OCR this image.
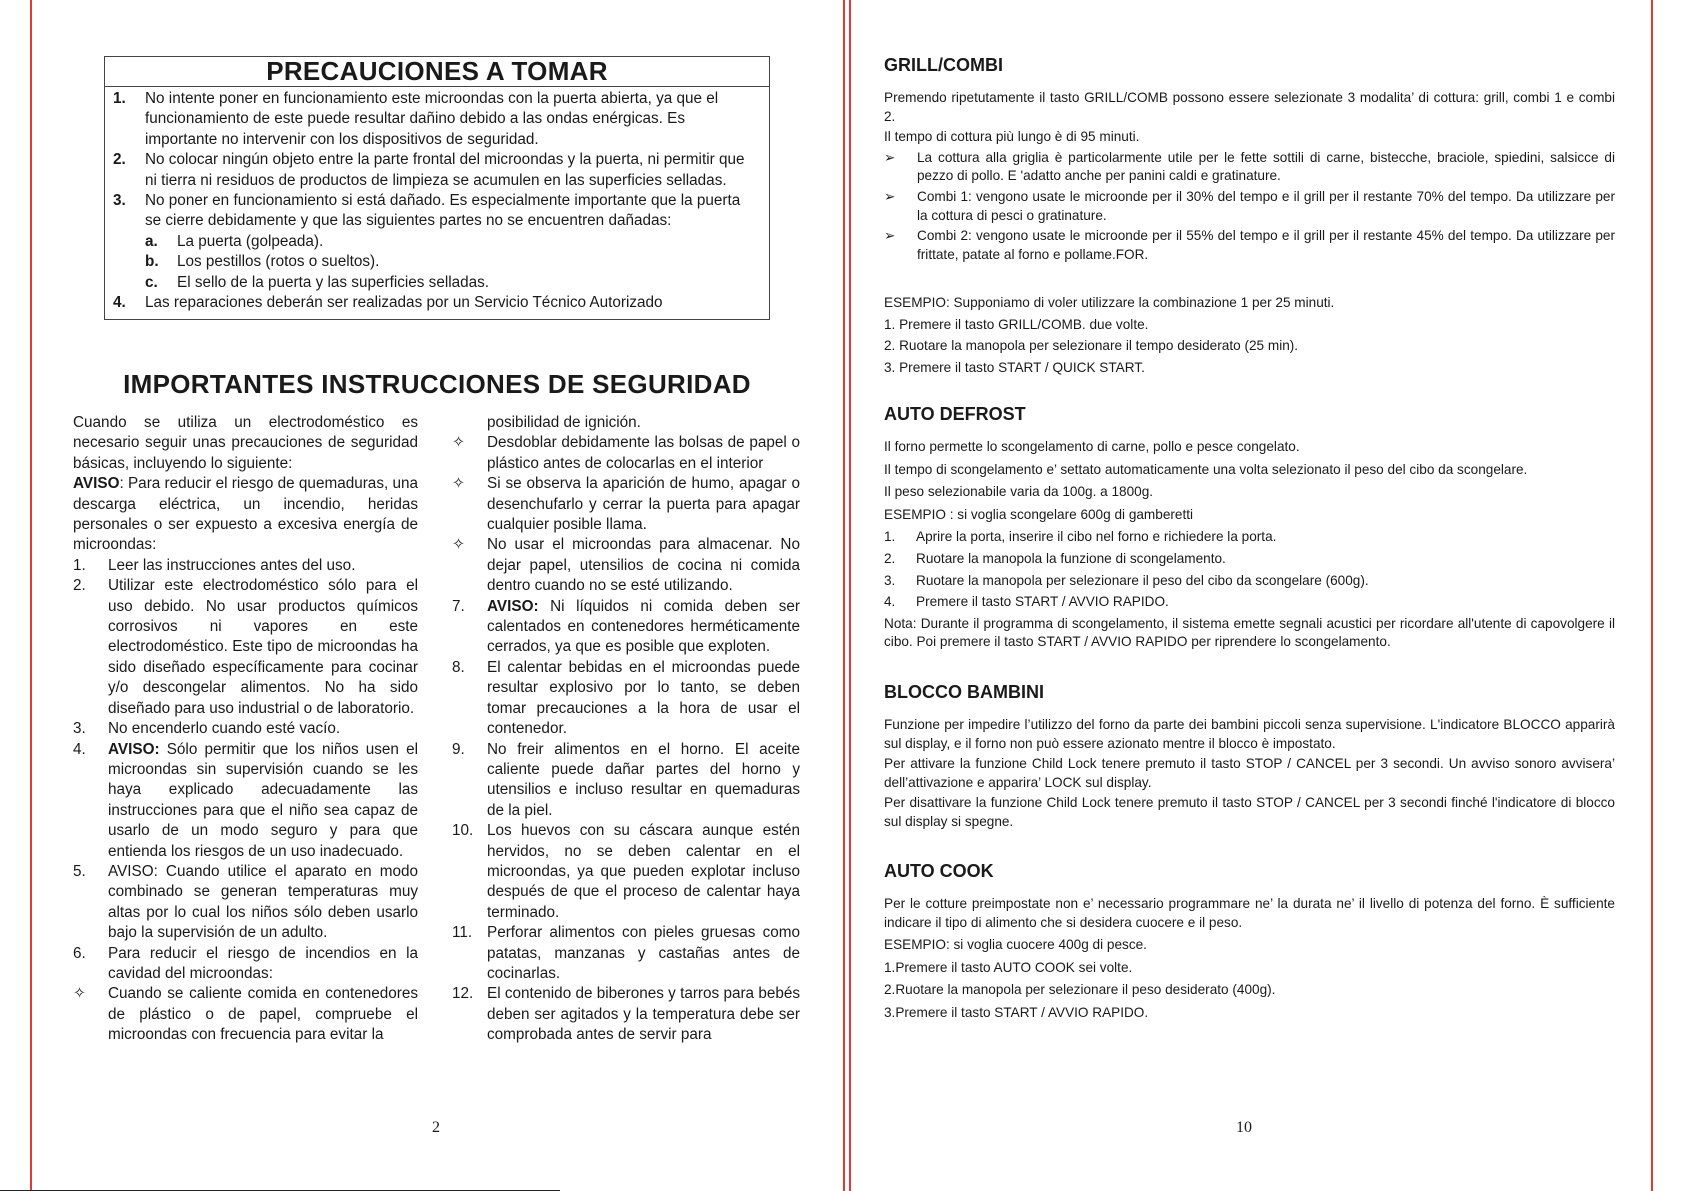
PRECAUCIONES A TOMAR
1. No intente poner en funcionamiento este microondas con la puerta abierta, ya que el funcionamiento de este puede resultar dañino debido a las ondas enérgicas. Es importante no intervenir con los dispositivos de seguridad.
2. No colocar ningún objeto entre la parte frontal del microondas y la puerta, ni permitir que ni tierra ni residuos de productos de limpieza se acumulen en las superficies selladas.
3. No poner en funcionamiento si está dañado. Es especialmente importante que la puerta se cierre debidamente y que las siguientes partes no se encuentren dañadas:
a. La puerta (golpeada).
b. Los pestillos (rotos o sueltos).
c. El sello de la puerta y las superficies selladas.
4. Las reparaciones deberán ser realizadas por un Servicio Técnico Autorizado
IMPORTANTES INSTRUCCIONES DE SEGURIDAD

Cuando se utiliza un electrodoméstico es necesario seguir unas precauciones de seguridad básicas, incluyendo lo siguiente:

AVISO: Para reducir el riesgo de quemaduras, una descarga eléctrica, un incendio, heridas personales o ser expuesto a excesiva energía de microondas:

1. Leer las instrucciones antes del uso.
2. Utilizar este electrodoméstico sólo para el uso debido. No usar productos químicos corrosivos ni vapores en este electrodoméstico. Este tipo de microondas ha sido diseñado específicamente para cocinar y/o descongelar alimentos. No ha sido diseñado para uso industrial o de laboratorio.
3. No encenderlo cuando esté vacío.
4. AVISO: Sólo permitir que los niños usen el microondas sin supervisión cuando se les haya explicado adecuadamente las instrucciones para que el niño sea capaz de usarlo de un modo seguro y para que entienda los riesgos de un uso inadecuado.
5. AVISO: Cuando utilice el aparato en modo combinado se generan temperaturas muy altas por lo cual los niños sólo deben usarlo bajo la supervisión de un adulto.
6. Para reducir el riesgo de incendios en la cavidad del microondas:
✧ Cuando se caliente comida en contenedores de plástico o de papel, compruebe el microondas con frecuencia para evitar la
posibilidad de ignición.
✧ Desdoblar debidamente las bolsas de papel o plástico antes de colocarlas en el interior
✧ Si se observa la aparición de humo, apagar o desenchufarlo y cerrar la puerta para apagar cualquier posible llama.
✧ No usar el microondas para almacenar. No dejar papel, utensilios de cocina ni comida dentro cuando no se esté utilizando.
7. AVISO: Ni líquidos ni comida deben ser calentados en contenedores herméticamente cerrados, ya que es posible que exploten.
8. El calentar bebidas en el microondas puede resultar explosivo por lo tanto, se deben tomar precauciones a la hora de usar el contenedor.
9. No freir alimentos en el horno. El aceite caliente puede dañar partes del horno y utensilios e incluso resultar en quemaduras de la piel.
10. Los huevos con su cáscara aunque estén hervidos, no se deben calentar en el microondas, ya que pueden explotar incluso después de que el proceso de calentar haya terminado.
11. Perforar alimentos con pieles gruesas como patatas, manzanas y castañas antes de cocinarlas.
12. El contenido de biberones y tarros para bebés deben ser agitados y la temperatura debe ser comprobada antes de servir para
2
GRILL/COMBI

Premendo ripetutamente il tasto GRILL/COMB possono essere selezionate 3 modalita’ di cottura: grill, combi 1 e combi 2.

Il tempo di cottura più lungo è di 95 minuti.

➢ La cottura alla griglia è particolarmente utile per le fette sottili di carne, bistecche, braciole, spiedini, salsicce di pezzo di pollo. E 'adatto anche per panini caldi e gratinature.
➢ Combi 1: vengono usate le microonde per il 30% del tempo e il grill per il restante 70% del tempo. Da utilizzare per la cottura di pesci o gratinature.
➢ Combi 2: vengono usate le microonde per il 55% del tempo e il grill per il restante 45% del tempo. Da utilizzare per frittate, patate al forno e pollame.FOR.

ESEMPIO: Supponiamo di voler utilizzare la combinazione 1 per 25 minuti.

1. Premere il tasto GRILL/COMB. due volte.

2. Ruotare la manopola per selezionare il tempo desiderato (25 min).

3. Premere il tasto START / QUICK START.

AUTO DEFROST

Il forno permette lo scongelamento di carne, pollo e pesce congelato.

Il tempo di scongelamento e’ settato automaticamente una volta selezionato il peso del cibo da scongelare.

Il peso selezionabile varia da 100g. a 1800g.

ESEMPIO : si voglia scongelare 600g di gamberetti

1. Aprire la porta, inserire il cibo nel forno e richiedere la porta.
2. Ruotare la manopola la funzione di scongelamento.
3. Ruotare la manopola per selezionare il peso del cibo da scongelare (600g).
4. Premere il tasto START / AVVIO RAPIDO.

Nota: Durante il programma di scongelamento, il sistema emette segnali acustici per ricordare all'utente di capovolgere il cibo. Poi premere il tasto START / AVVIO RAPIDO per riprendere lo scongelamento.

BLOCCO BAMBINI

Funzione per impedire l’utilizzo del forno da parte dei bambini piccoli senza supervisione. L'indicatore BLOCCO apparirà sul display, e il forno non può essere azionato mentre il blocco è impostato.

Per attivare la funzione Child Lock tenere premuto il tasto STOP / CANCEL per 3 secondi. Un avviso sonoro avvisera’ dell’attivazione e apparira’ LOCK sul display.

Per disattivare la funzione Child Lock tenere premuto il tasto STOP / CANCEL per 3 secondi finché l'indicatore di blocco sul display si spegne.

AUTO COOK

Per le cotture preimpostate non e’ necessario programmare ne’ la durata ne’ il livello di potenza del forno. È sufficiente indicare il tipo di alimento che si desidera cuocere e il peso.

ESEMPIO: si voglia cuocere 400g di pesce.

1.Premere il tasto AUTO COOK sei volte.

2.Ruotare la manopola per selezionare il peso desiderato (400g).

3.Premere il tasto START / AVVIO RAPIDO.

10
